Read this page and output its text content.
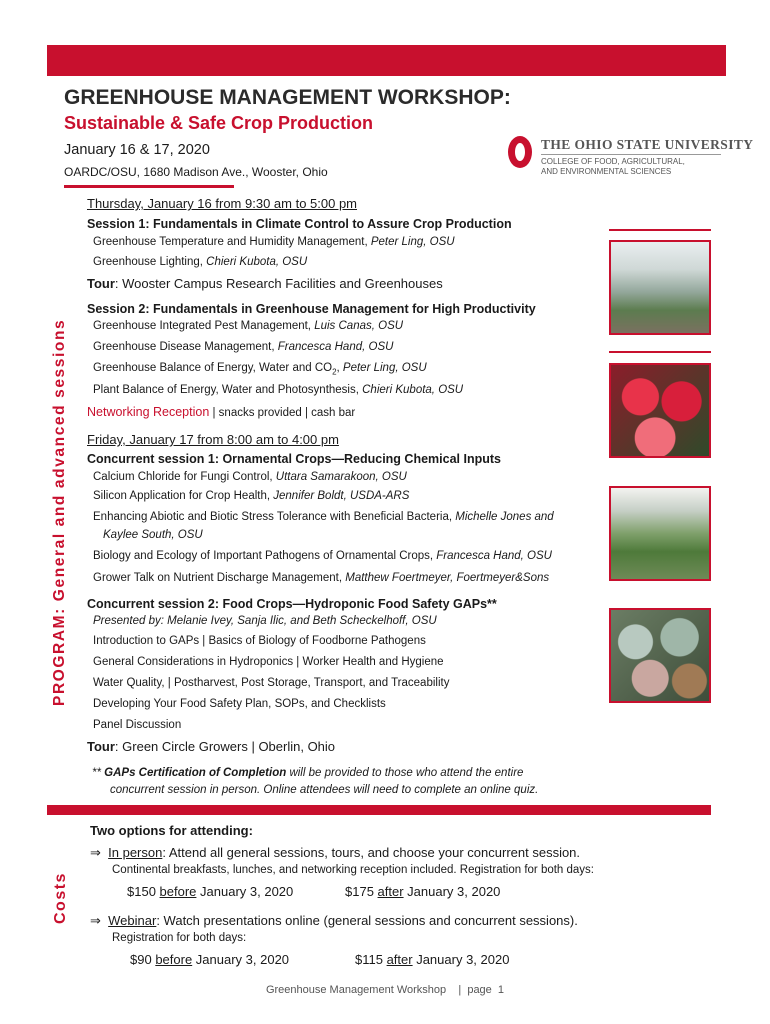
GREENHOUSE MANAGEMENT WORKSHOP:
Sustainable & Safe Crop Production
January 16 & 17, 2020
OARDC/OSU, 1680 Madison Ave., Wooster, Ohio
THE OHIO STATE UNIVERSITY
COLLEGE OF FOOD, AGRICULTURAL,
AND ENVIRONMENTAL SCIENCES
PROGRAM: General and advanced sessions
Thursday, January 16 from 9:30 am to 5:00 pm
Session 1: Fundamentals in Climate Control to Assure Crop Production
Greenhouse Temperature and Humidity Management, Peter Ling, OSU
Greenhouse Lighting, Chieri Kubota, OSU
Tour: Wooster Campus Research Facilities and Greenhouses
Session 2: Fundamentals in Greenhouse Management for High Productivity
Greenhouse Integrated Pest Management, Luis Canas, OSU
Greenhouse Disease Management, Francesca Hand, OSU
Greenhouse Balance of Energy, Water and $CO_2$, Peter Ling, OSU
Plant Balance of Energy, Water and Photosynthesis, Chieri Kubota, OSU
Networking Reception | snacks provided | cash bar
Friday, January 17 from 8:00 am to 4:00 pm
Concurrent session 1: Ornamental Crops—Reducing Chemical Inputs
Calcium Chloride for Fungi Control, Uttara Samarakoon, OSU
Silicon Application for Crop Health, Jennifer Boldt, USDA-ARS
Enhancing Abiotic and Biotic Stress Tolerance with Beneficial Bacteria, Michelle Jones and
Kaylee South, OSU
Biology and Ecology of Important Pathogens of Ornamental Crops, Francesca Hand, OSU
Grower Talk on Nutrient Discharge Management, Matthew Foertmeyer, Foertmeyer&Sons
Concurrent session 2: Food Crops—Hydroponic Food Safety GAPs**
Presented by: Melanie Ivey, Sanja Ilic, and Beth Scheckelhoff, OSU
Introduction to GAPs | Basics of Biology of Foodborne Pathogens
General Considerations in Hydroponics | Worker Health and Hygiene
Water Quality, | Postharvest, Post Storage, Transport, and Traceability
Developing Your Food Safety Plan, SOPs, and Checklists
Panel Discussion
Tour: Green Circle Growers | Oberlin, Ohio
** GAPs Certification of Completion will be provided to those who attend the entire
concurrent session in person. Online attendees will need to complete an online quiz.
Costs
Two options for attending:
⇒ In person: Attend all general sessions, tours, and choose your concurrent session.
Continental breakfasts, lunches, and networking reception included. Registration for both days:
$150 before January 3, 2020	$175 after January 3, 2020
⇒ Webinar: Watch presentations online (general sessions and concurrent sessions).
Registration for both days:
$90 before January 3, 2020	$115 after January 3, 2020
Greenhouse Management Workshop    |  page  1
